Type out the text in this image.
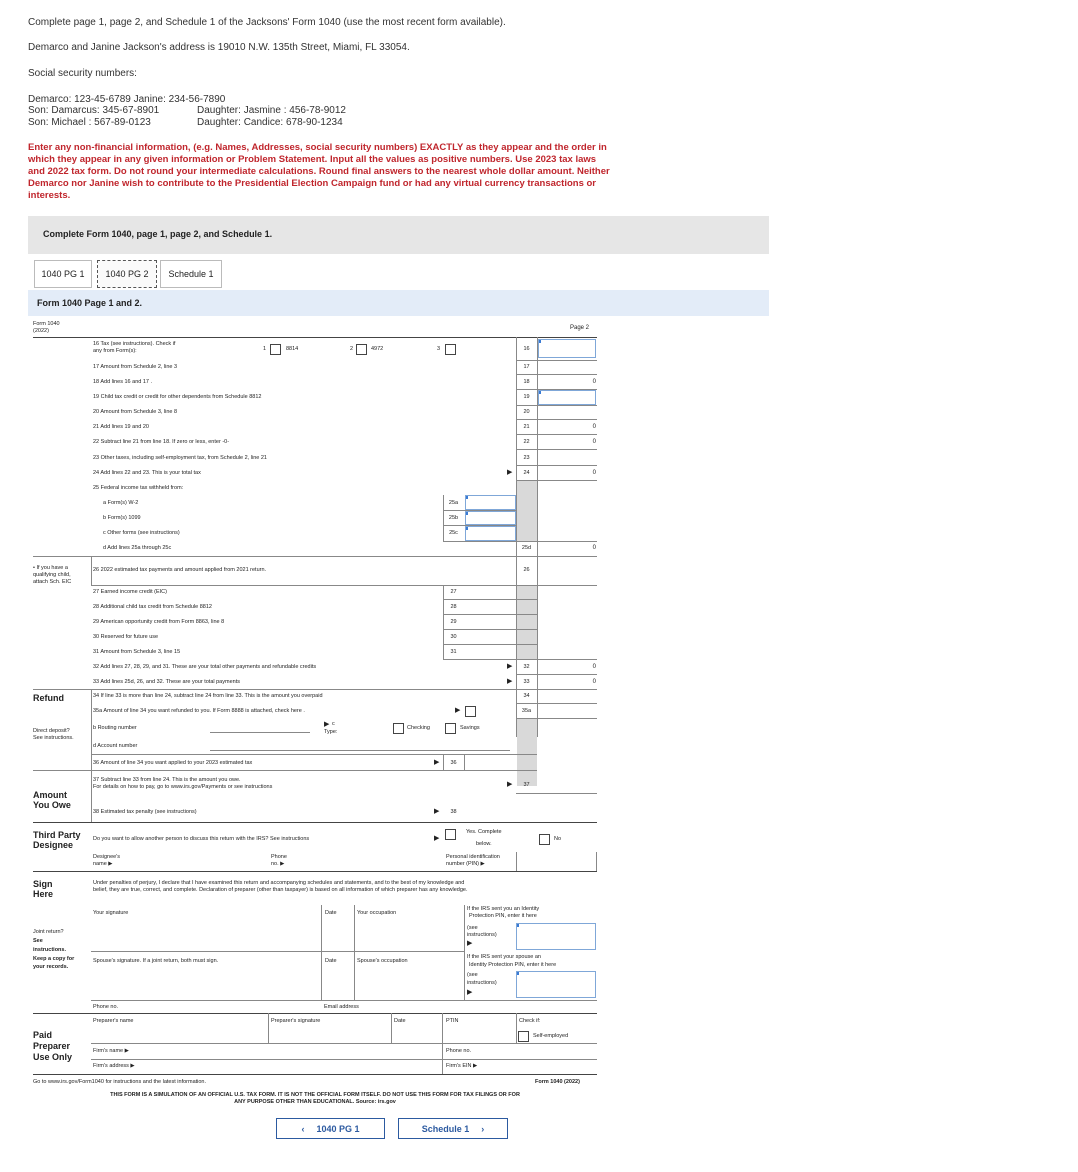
Complete page 1, page 2, and Schedule 1 of the Jacksons' Form 1040 (use the most recent form available).
Demarco and Janine Jackson's address is 19010 N.W. 135th Street, Miami, FL 33054.
Social security numbers:
Demarco: 123-45-6789 Janine: 234-56-7890
Son: Damarcus: 345-67-8901	Daughter: Jasmine : 456-78-9012
Son: Michael : 567-89-0123	Daughter: Candice: 678-90-1234
Enter any non-financial information, (e.g. Names, Addresses, social security numbers) EXACTLY as they appear and the order in
which they appear in any given information or Problem Statement. Input all the values as positive numbers. Use 2023 tax laws
and 2022 tax form. Do not round your intermediate calculations. Round final answers to the nearest whole dollar amount. Neither
Demarco nor Janine wish to contribute to the Presidential Election Campaign fund or had any virtual currency transactions or
interests.
Complete Form 1040, page 1, page 2, and Schedule 1.
1040 PG 1	1040 PG 2	Schedule 1
Form 1040 Page 1 and 2.
Form 1040
(2022)	Page 2
16 Tax (see instructions). Check if
any from Form(s):	1	8814	2	4972	3	16
17 Amount from Schedule 2, line 3	17
18 Add lines 16 and 17 .	18	0
19 Child tax credit or credit for other dependents from Schedule 8812	19
20 Amount from Schedule 3, line 8	20
21 Add lines 19 and 20	21	0
22 Subtract line 21 from line 18. If zero or less, enter -0-	22	0
23 Other taxes, including self-employment tax, from Schedule 2, line 21	23
24 Add lines 22 and 23. This is your total tax	▶	24	0
25 Federal income tax withheld from:
a Form(s) W-2	25a
b Form(s) 1099	25b
c Other forms (see instructions)	25c
d Add lines 25a through 25c	25d	0
• If you have a
qualifying child,
attach Sch. EIC
26 2022 estimated tax payments and amount applied from 2021 return.	26
27 Earned income credit (EIC)	27
28 Additional child tax credit from Schedule 8812	28
29 American opportunity credit from Form 8863, line 8	29
30 Reserved for future use	30
31 Amount from Schedule 3, line 15	31
32 Add lines 27, 28, 29, and 31. These are your total other payments and refundable credits	▶	32	0
33 Add lines 25d, 26, and 32. These are your total payments	▶	33	0
Refund	34 If line 33 is more than line 24, subtract line 24 from line 33. This is the amount you overpaid	34
35a Amount of line 34 you want refunded to you. If Form 8888 is attached, check here .	▶	35a
Direct deposit?
See instructions.
b Routing number	▶ c
Type:
Checking	Savings
d Account number
36 Amount of line 34 you want applied to your 2023 estimated tax	▶	36
Amount
You Owe
37 Subtract line 33 from line 24. This is the amount you owe.
For details on how to pay, go to www.irs.gov/Payments or see instructions	▶	37
38 Estimated tax penalty (see instructions)	▶	38
Third Party
Designee
Do you want to allow another person to discuss this return with the IRS? See instructions	▶
Yes. Complete
below.
No
Designee's
name ▶
Phone
no. ▶
Personal identification
number (PIN) ▶
Sign
Here
Under penalties of perjury, I declare that I have examined this return and accompanying schedules and statements, and to the best of my knowledge and
belief, they are true, correct, and complete. Declaration of preparer (other than taxpayer) is based on all information of which preparer has any knowledge.
Your signature	Date	Your occupation
If the IRS sent you an Identity
Protection PIN, enter it here
(see
instructions)
▶
Joint return?
See
instructions.
Keep a copy for
your records.
Spouse's signature. If a joint return, both must sign.	Date	Spouse's occupation
If the IRS sent your spouse an
Identity Protection PIN, enter it here
(see
instructions)
▶
Phone no.	Email address
Paid
Preparer
Use Only
Preparer's name	Preparer's signature	Date	PTIN	Check if:
Self-employed
Firm's name ▶	Phone no.
Firm's address ▶	Firm's EIN ▶
Go to www.irs.gov/Form1040 for instructions and the latest information.	Form 1040 (2022)
THIS FORM IS A SIMULATION OF AN OFFICIAL U.S. TAX FORM. IT IS NOT THE OFFICIAL FORM ITSELF. DO NOT USE THIS FORM FOR TAX FILINGS OR FOR
ANY PURPOSE OTHER THAN EDUCATIONAL. Source: irs.gov
‹ 1040 PG 1	Schedule 1 ›
